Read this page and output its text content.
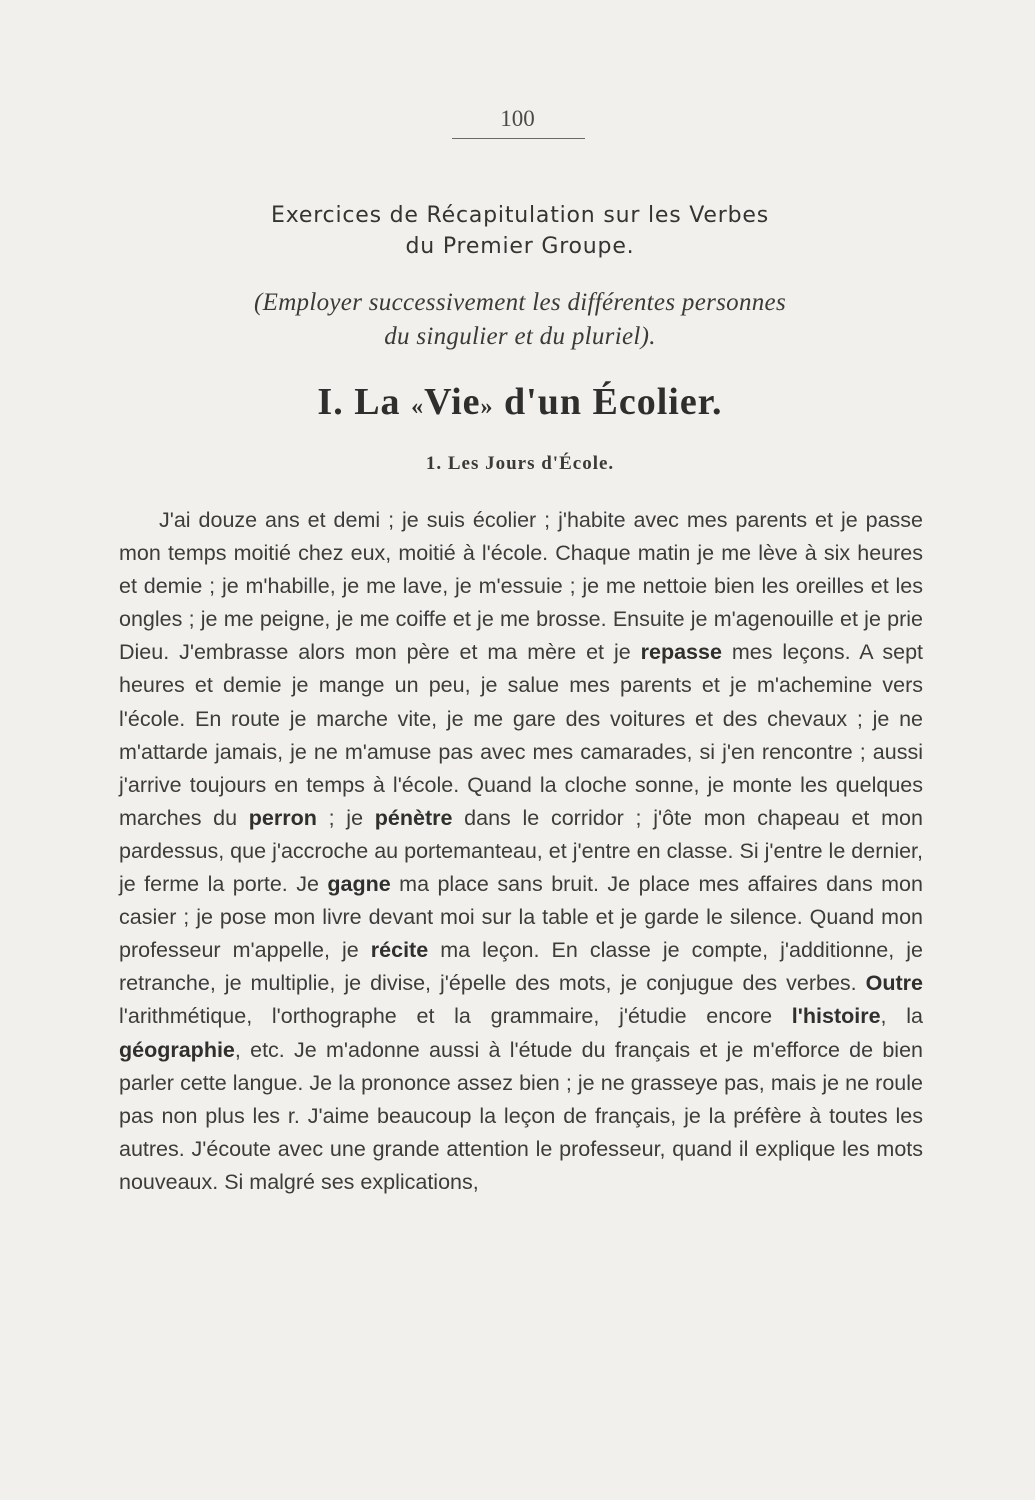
100
Exercices de Récapitulation sur les Verbes
du Premier Groupe.
(Employer successivement les différentes personnes
du singulier et du pluriel).
I. La «Vie» d'un Écolier.
1. Les Jours d'École.

J'ai douze ans et demi ; je suis écolier ; j'habite avec mes parents et je passe mon temps moitié chez eux, moitié à l'école. Chaque matin je me lève à six heures et demie ; je m'habille, je me lave, je m'essuie ; je me nettoie bien les oreilles et les ongles ; je me peigne, je me coiffe et je me brosse. Ensuite je m'agenouille et je prie Dieu. J'embrasse alors mon père et ma mère et je repasse mes leçons. A sept heures et demie je mange un peu, je salue mes parents et je m'achemine vers l'école. En route je marche vite, je me gare des voitures et des chevaux ; je ne m'attarde jamais, je ne m'amuse pas avec mes camarades, si j'en rencontre ; aussi j'arrive toujours en temps à l'école. Quand la cloche sonne, je monte les quelques marches du perron ; je pénètre dans le corridor ; j'ôte mon chapeau et mon pardessus, que j'accroche au portemanteau, et j'entre en classe. Si j'entre le dernier, je ferme la porte. Je gagne ma place sans bruit. Je place mes affaires dans mon casier ; je pose mon livre devant moi sur la table et je garde le silence. Quand mon professeur m'appelle, je récite ma leçon. En classe je compte, j'additionne, je retranche, je multiplie, je divise, j'épelle des mots, je conjugue des verbes. Outre l'arithmétique, l'orthographe et la grammaire, j'étudie encore l'histoire, la géographie, etc. Je m'adonne aussi à l'étude du français et je m'efforce de bien parler cette langue. Je la prononce assez bien ; je ne grasseye pas, mais je ne roule pas non plus les r. J'aime beaucoup la leçon de français, je la préfère à toutes les autres. J'écoute avec une grande attention le professeur, quand il explique les mots nouveaux. Si malgré ses explications,
